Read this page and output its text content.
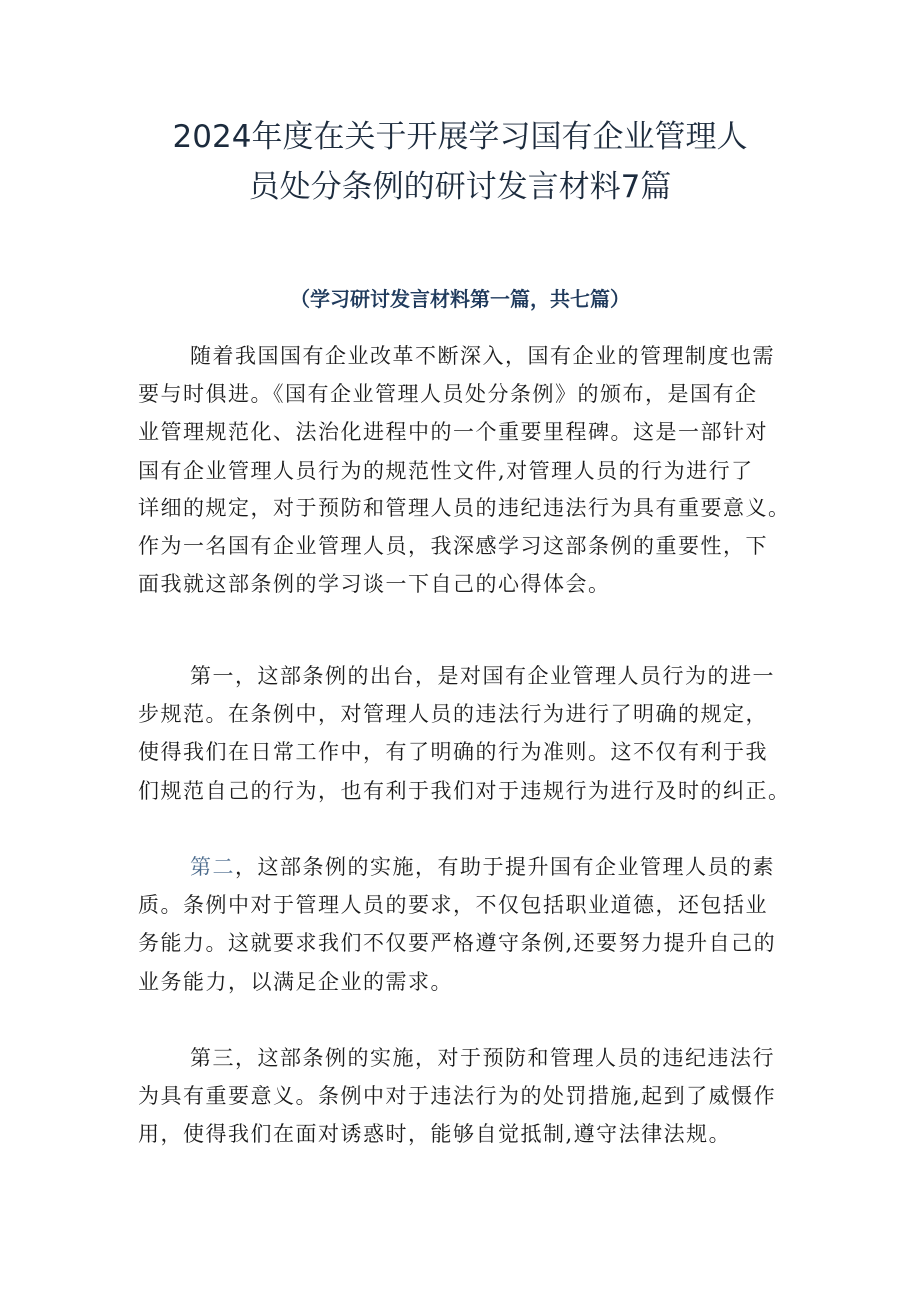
2024年度在关于开展学习国有企业管理人
员处分条例的研讨发言材料7篇
（学习研讨发言材料第一篇，共七篇）
随着我国国有企业改革不断深入，国有企业的管理制度也需
要与时俱进。《国有企业管理人员处分条例》的颁布，是国有企
业管理规范化、法治化进程中的一个重要里程碑。这是一部针对
国有企业管理人员行为的规范性文件,对管理人员的行为进行了
详细的规定，对于预防和管理人员的违纪违法行为具有重要意义。
作为一名国有企业管理人员，我深感学习这部条例的重要性，下
面我就这部条例的学习谈一下自己的心得体会。
第一，这部条例的出台，是对国有企业管理人员行为的进一
步规范。在条例中，对管理人员的违法行为进行了明确的规定，
使得我们在日常工作中，有了明确的行为准则。这不仅有利于我
们规范自己的行为，也有利于我们对于违规行为进行及时的纠正。
第二，这部条例的实施，有助于提升国有企业管理人员的素
质。条例中对于管理人员的要求，不仅包括职业道德，还包括业
务能力。这就要求我们不仅要严格遵守条例,还要努力提升自己的
业务能力，以满足企业的需求。
第三，这部条例的实施，对于预防和管理人员的违纪违法行
为具有重要意义。条例中对于违法行为的处罚措施,起到了威慑作
用，使得我们在面对诱惑时，能够自觉抵制,遵守法律法规。
